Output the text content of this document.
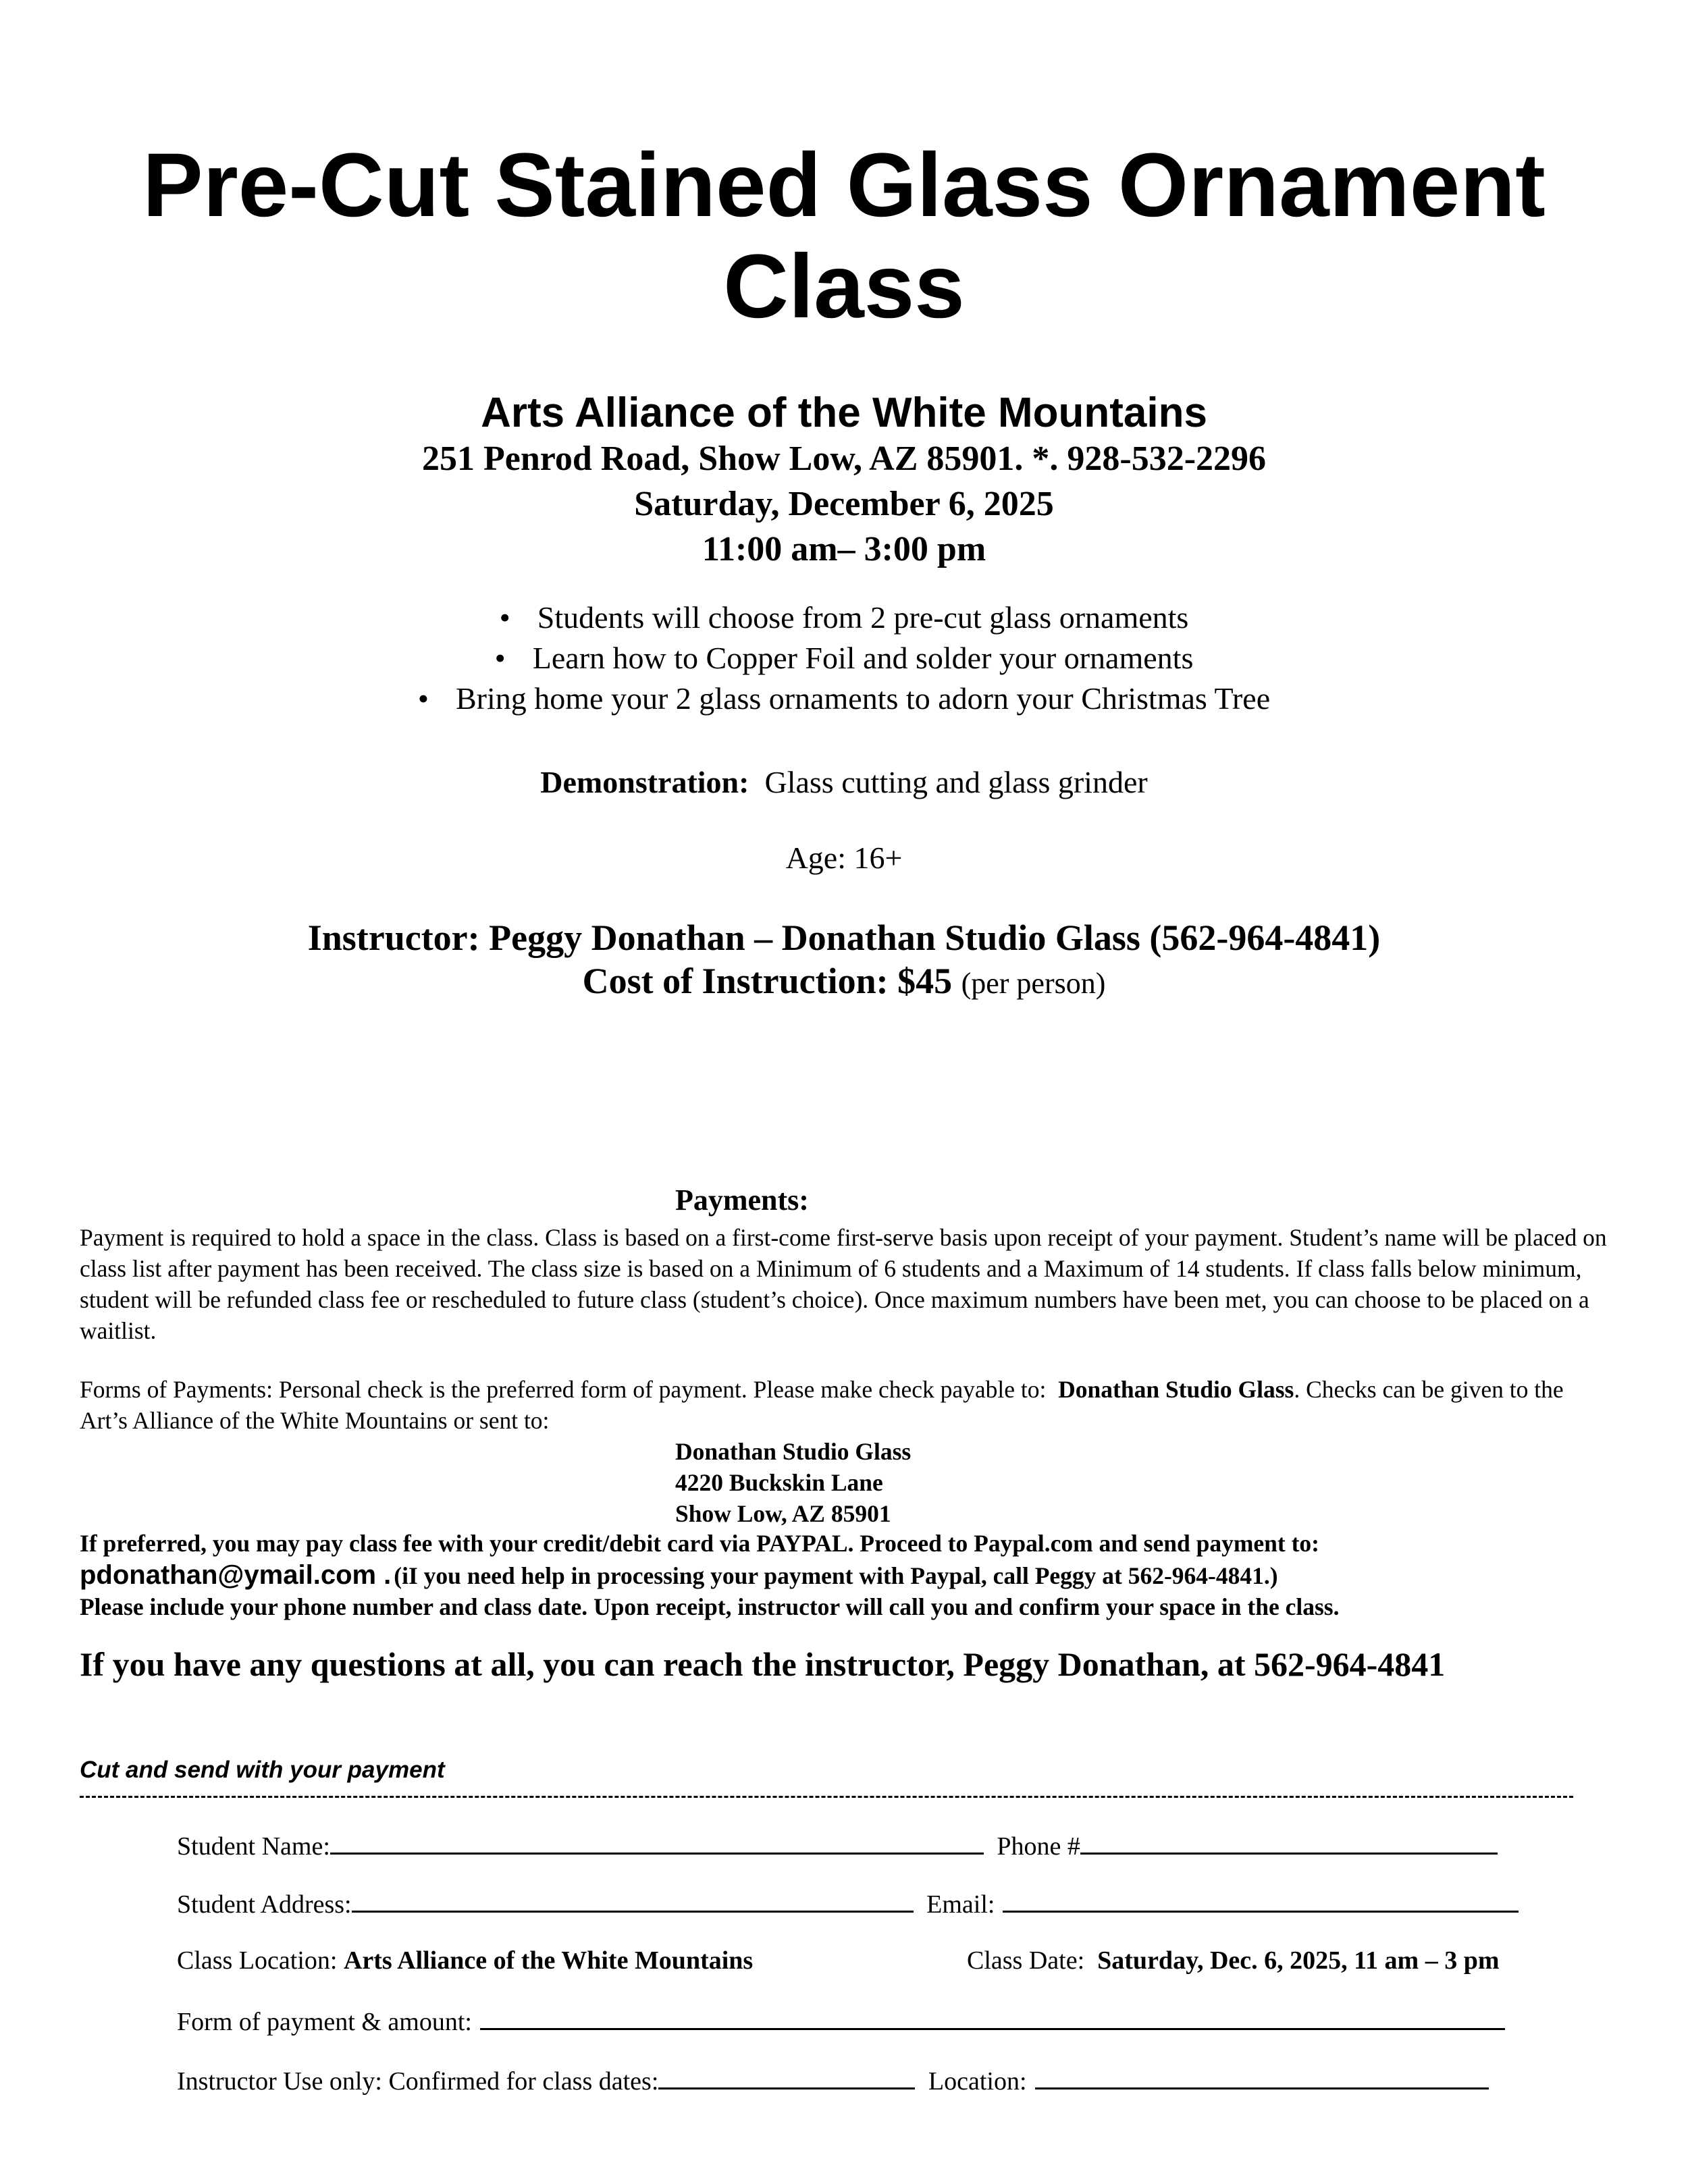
Pre-Cut Stained Glass Ornament
Class
Arts Alliance of the White Mountains
251 Penrod Road, Show Low, AZ 85901. *. 928-532-2296
Saturday, December 6, 2025
11:00 am– 3:00 pm
• Students will choose from 2 pre-cut glass ornaments
• Learn how to Copper Foil and solder your ornaments
• Bring home your 2 glass ornaments to adorn your Christmas Tree
Demonstration: Glass cutting and glass grinder
Age: 16+
Instructor: Peggy Donathan – Donathan Studio Glass (562-964-4841)
Cost of Instruction: $45 (per person)
Payments:
Payment is required to hold a space in the class. Class is based on a first-come first-serve basis upon receipt of your payment. Student’s name will be placed on class list after payment has been received. The class size is based on a Minimum of 6 students and a Maximum of 14 students. If class falls below minimum, student will be refunded class fee or rescheduled to future class (student’s choice). Once maximum numbers have been met, you can choose to be placed on a waitlist.
Forms of Payments: Personal check is the preferred form of payment. Please make check payable to: Donathan Studio Glass. Checks can be given to the Art’s Alliance of the White Mountains or sent to:
Donathan Studio Glass
4220 Buckskin Lane
Show Low, AZ 85901
If preferred, you may pay class fee with your credit/debit card via PAYPAL. Proceed to Paypal.com and send payment to:
pdonathan@ymail.com . (iI you need help in processing your payment with Paypal, call Peggy at 562-964-4841.)
Please include your phone number and class date. Upon receipt, instructor will call you and confirm your space in the class.
If you have any questions at all, you can reach the instructor, Peggy Donathan, at 562-964-4841
Cut and send with your payment
Student Name:	Phone #
Student Address:	Email:
Class Location: Arts Alliance of the White Mountains	Class Date: Saturday, Dec. 6, 2025, 11 am – 3 pm
Form of payment & amount:
Instructor Use only: Confirmed for class dates:	Location:
